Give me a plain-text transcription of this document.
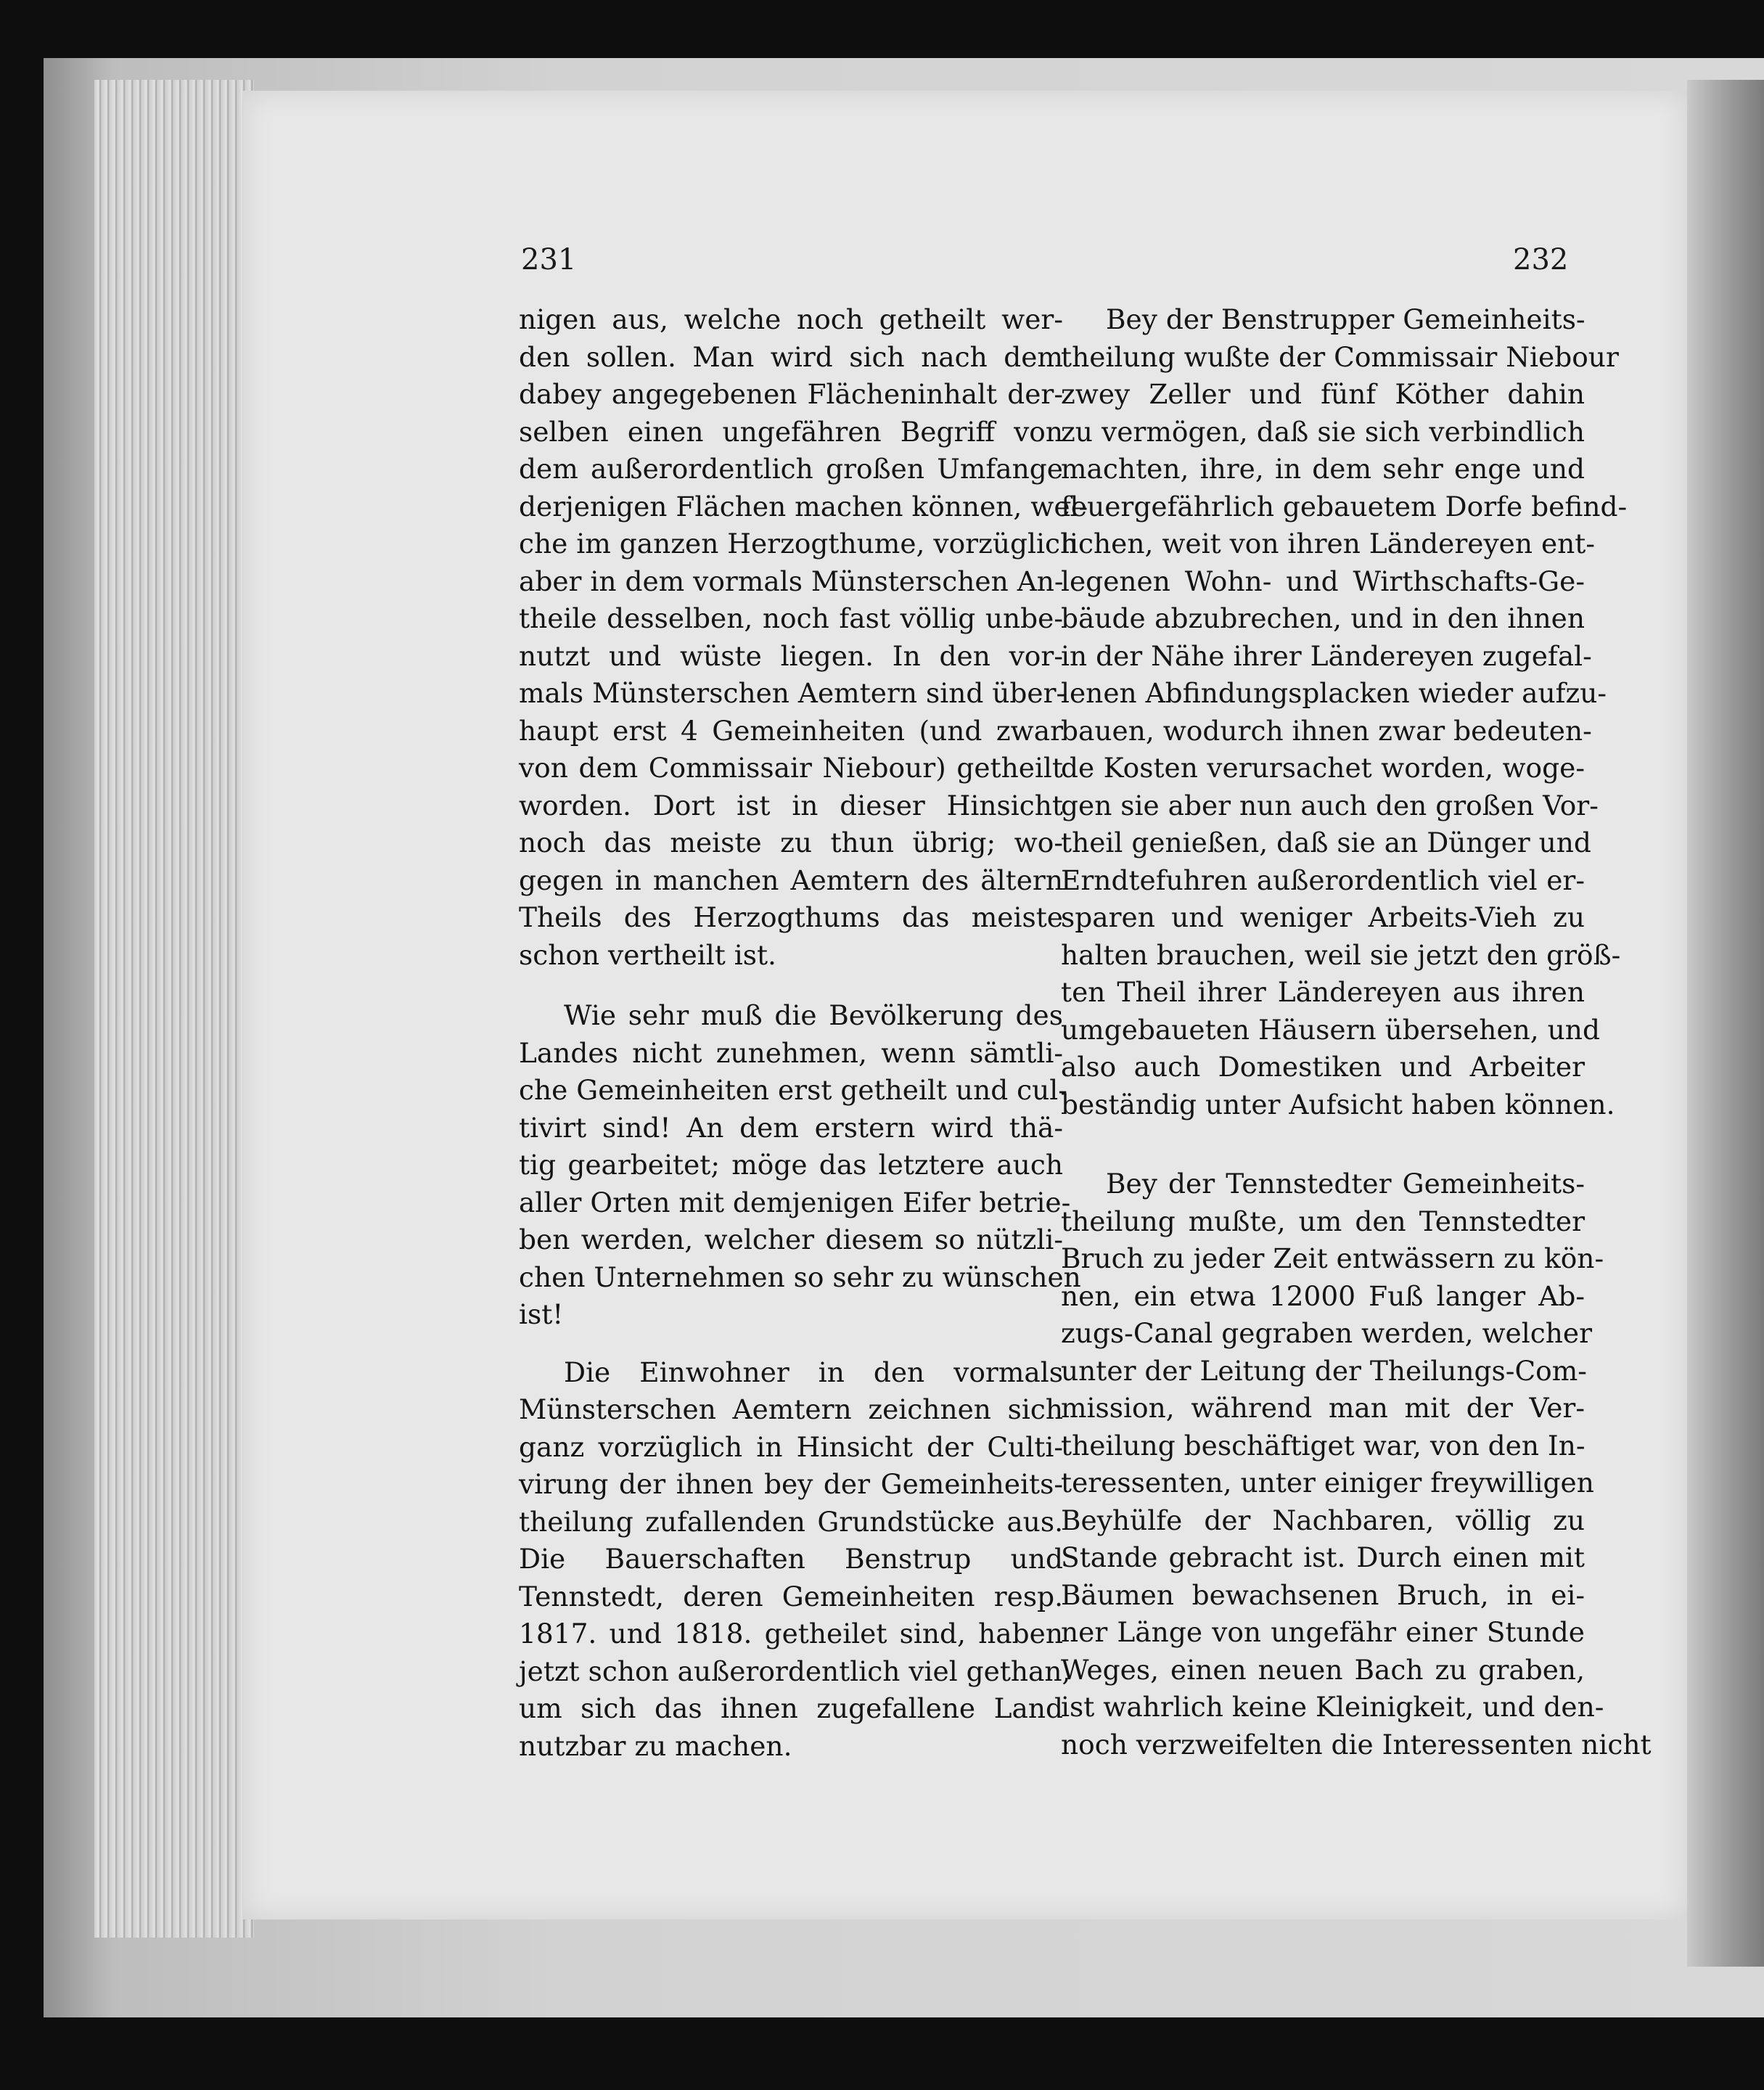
231	232
nigen aus, welche noch getheilt wer-
den sollen. Man wird sich nach dem
dabey angegebenen Flächeninhalt der-
selben einen ungefähren Begriff von
dem außerordentlich großen Umfange
derjenigen Flächen machen können, wel-
che im ganzen Herzogthume, vorzüglich
aber in dem vormals Münsterschen An-
theile desselben, noch fast völlig unbe-
nutzt und wüste liegen. In den vor-
mals Münsterschen Aemtern sind über-
haupt erst 4 Gemeinheiten (und zwar
von dem Commissair Niebour) getheilt
worden. Dort ist in dieser Hinsicht
noch das meiste zu thun übrig; wo-
gegen in manchen Aemtern des ältern
Theils des Herzogthums das meiste
schon vertheilt ist.
Wie sehr muß die Bevölkerung des
Landes nicht zunehmen, wenn sämtli-
che Gemeinheiten erst getheilt und cul-
tivirt sind! An dem erstern wird thä-
tig gearbeitet; möge das letztere auch
aller Orten mit demjenigen Eifer betrie-
ben werden, welcher diesem so nützli-
chen Unternehmen so sehr zu wünschen
ist!
Die Einwohner in den vormals
Münsterschen Aemtern zeichnen sich
ganz vorzüglich in Hinsicht der Culti-
virung der ihnen bey der Gemeinheits-
theilung zufallenden Grundstücke aus.
Die Bauerschaften Benstrup und
Tennstedt, deren Gemeinheiten resp.
1817. und 1818. getheilet sind, haben
jetzt schon außerordentlich viel gethan,
um sich das ihnen zugefallene Land
nutzbar zu machen.
Bey der Benstrupper Gemeinheits-
theilung wußte der Commissair Niebour
zwey Zeller und fünf Köther dahin
zu vermögen, daß sie sich verbindlich
machten, ihre, in dem sehr enge und
feuergefährlich gebauetem Dorfe befind-
lichen, weit von ihren Ländereyen ent-
legenen Wohn- und Wirthschafts-Ge-
bäude abzubrechen, und in den ihnen
in der Nähe ihrer Ländereyen zugefal-
lenen Abfindungsplacken wieder aufzu-
bauen, wodurch ihnen zwar bedeuten-
de Kosten verursachet worden, woge-
gen sie aber nun auch den großen Vor-
theil genießen, daß sie an Dünger und
Erndtefuhren außerordentlich viel er-
sparen und weniger Arbeits-Vieh zu
halten brauchen, weil sie jetzt den größ-
ten Theil ihrer Ländereyen aus ihren
umgebaueten Häusern übersehen, und
also auch Domestiken und Arbeiter
beständig unter Aufsicht haben können.
Bey der Tennstedter Gemeinheits-
theilung mußte, um den Tennstedter
Bruch zu jeder Zeit entwässern zu kön-
nen, ein etwa 12000 Fuß langer Ab-
zugs-Canal gegraben werden, welcher
unter der Leitung der Theilungs-Com-
mission, während man mit der Ver-
theilung beschäftiget war, von den In-
teressenten, unter einiger freywilligen
Beyhülfe der Nachbaren, völlig zu
Stande gebracht ist. Durch einen mit
Bäumen bewachsenen Bruch, in ei-
ner Länge von ungefähr einer Stunde
Weges, einen neuen Bach zu graben,
ist wahrlich keine Kleinigkeit, und den-
noch verzweifelten die Interessenten nicht
